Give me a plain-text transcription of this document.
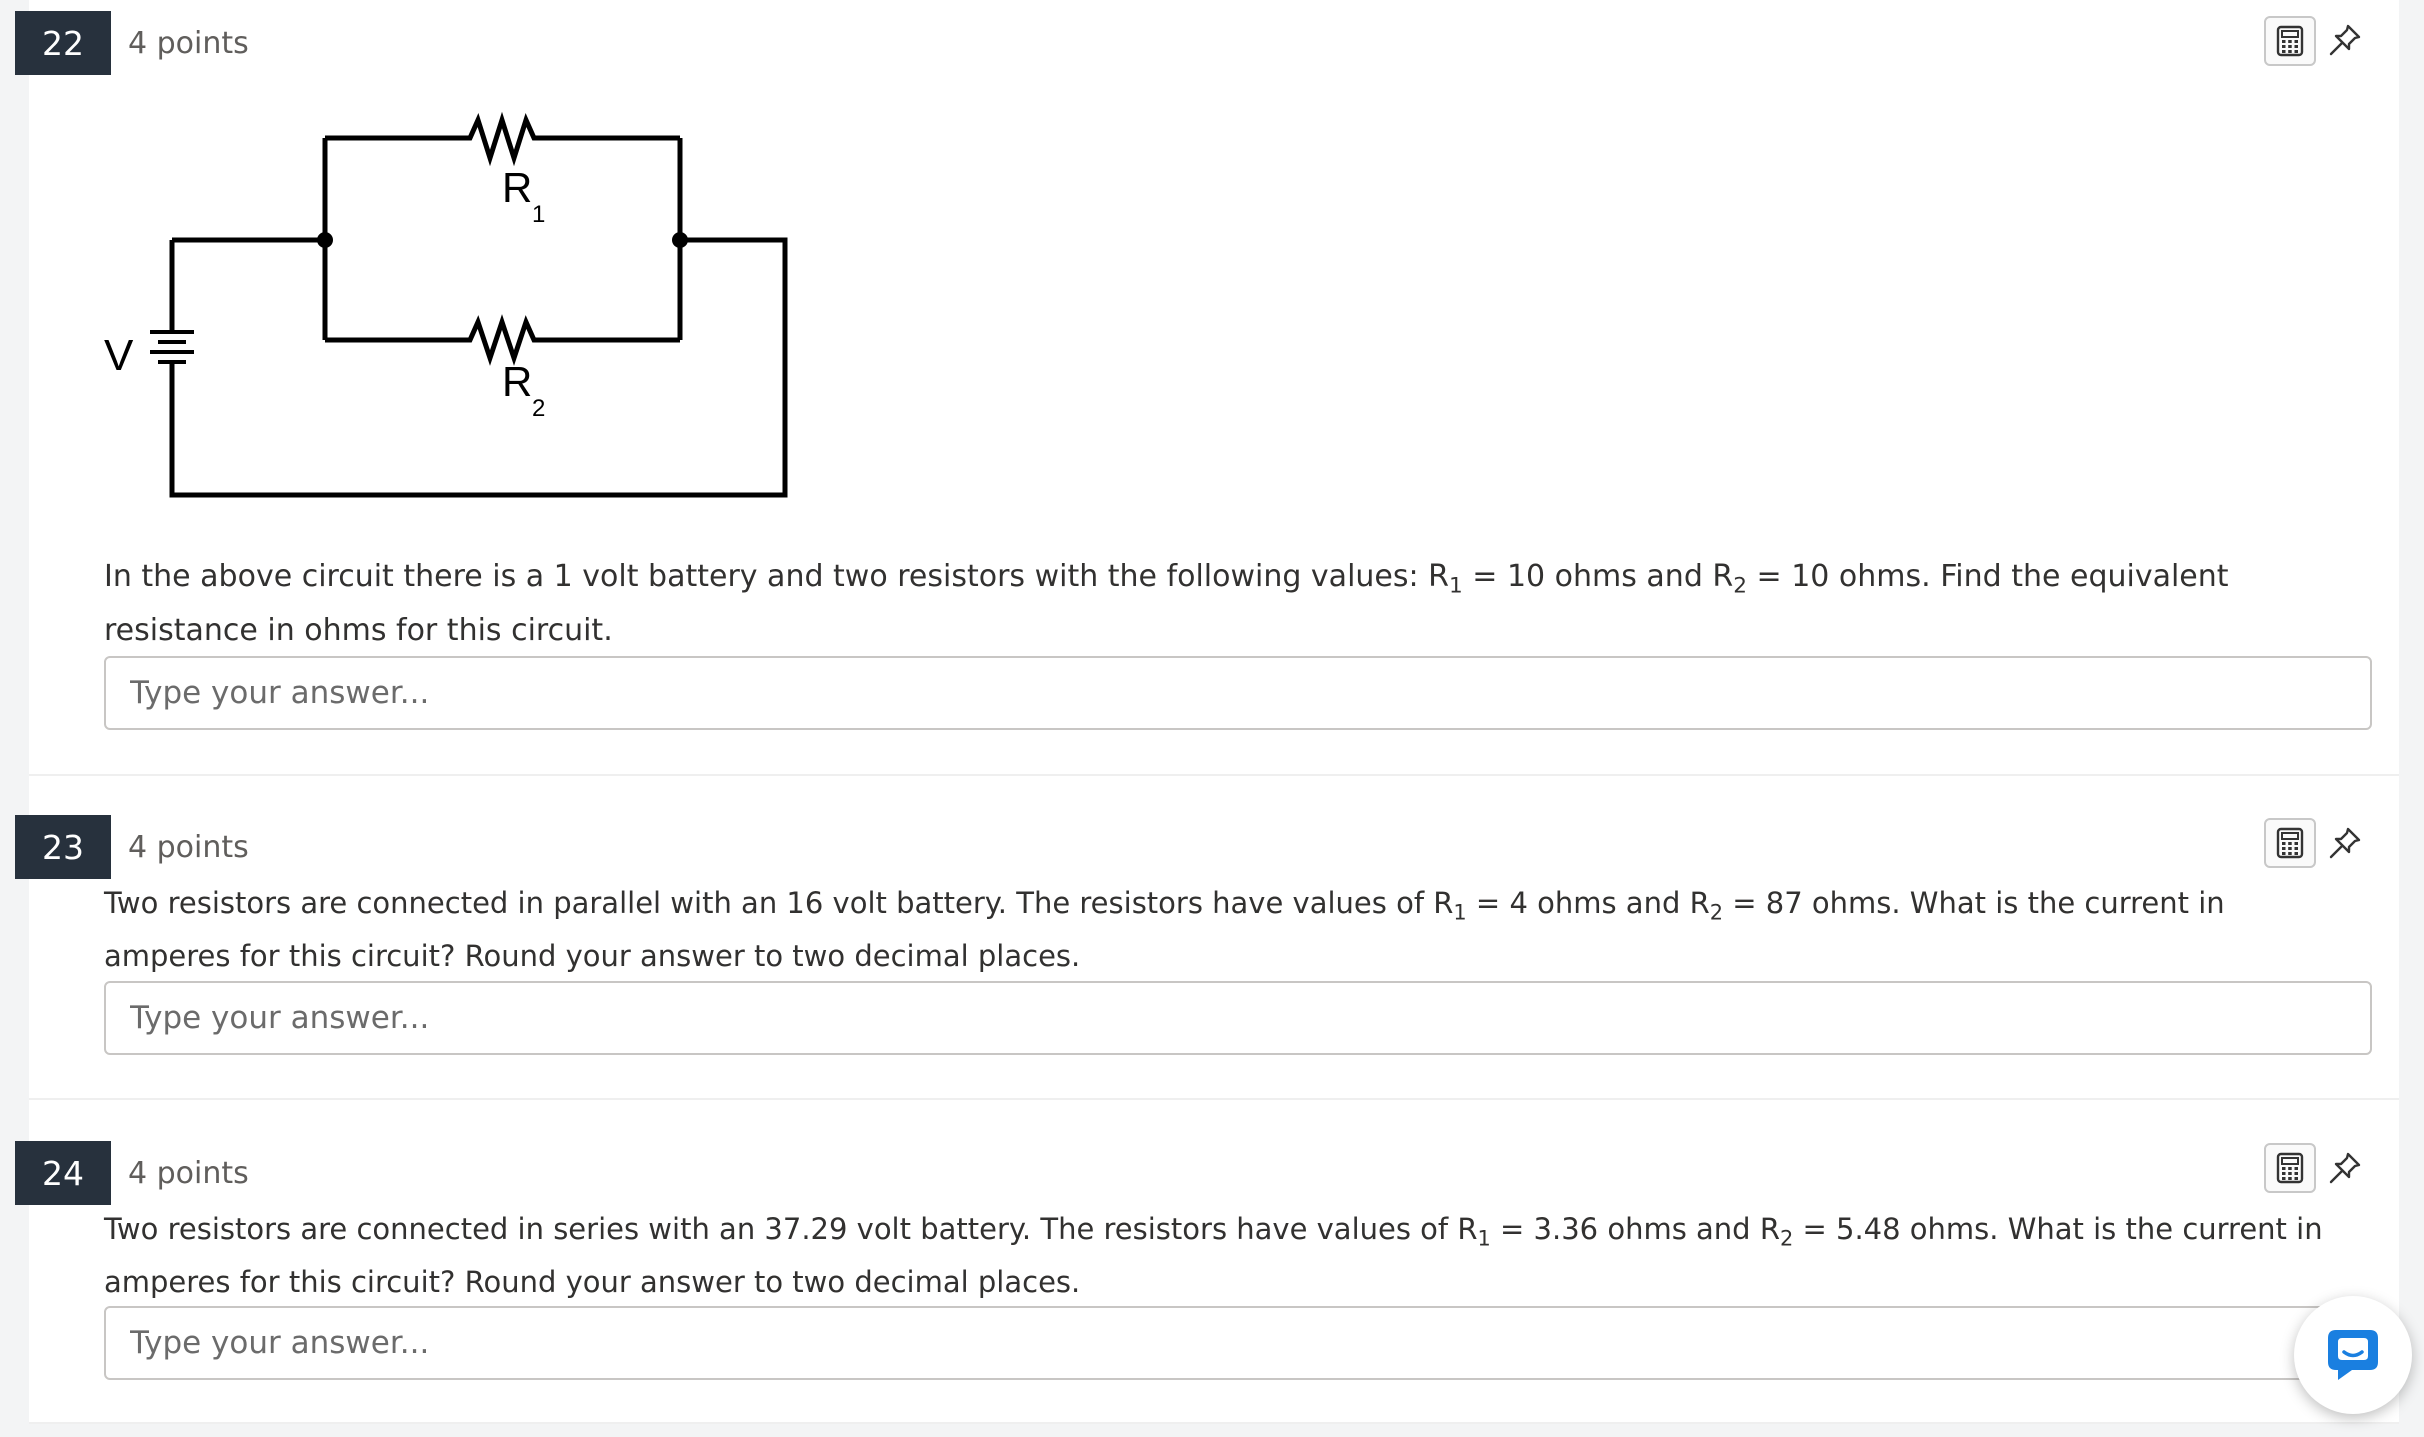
22	4 points
V
R
1
R
2
In the above circuit there is a 1 volt battery and two resistors with the following values: $R_1 = 10$ ohms and $R_2 = 10$ ohms. Find the equivalent resistance in ohms for this circuit.
Type your answer...
23	4 points
Two resistors are connected in parallel with an 16 volt battery. The resistors have values of $R_1 = 4$ ohms and $R_2 = 87$ ohms. What is the current in amperes for this circuit? Round your answer to two decimal places.
Type your answer...
24	4 points
Two resistors are connected in series with an 37.29 volt battery. The resistors have values of $R_1 = 3.36$ ohms and $R_2 = 5.48$ ohms. What is the current in amperes for this circuit? Round your answer to two decimal places.
Type your answer...
